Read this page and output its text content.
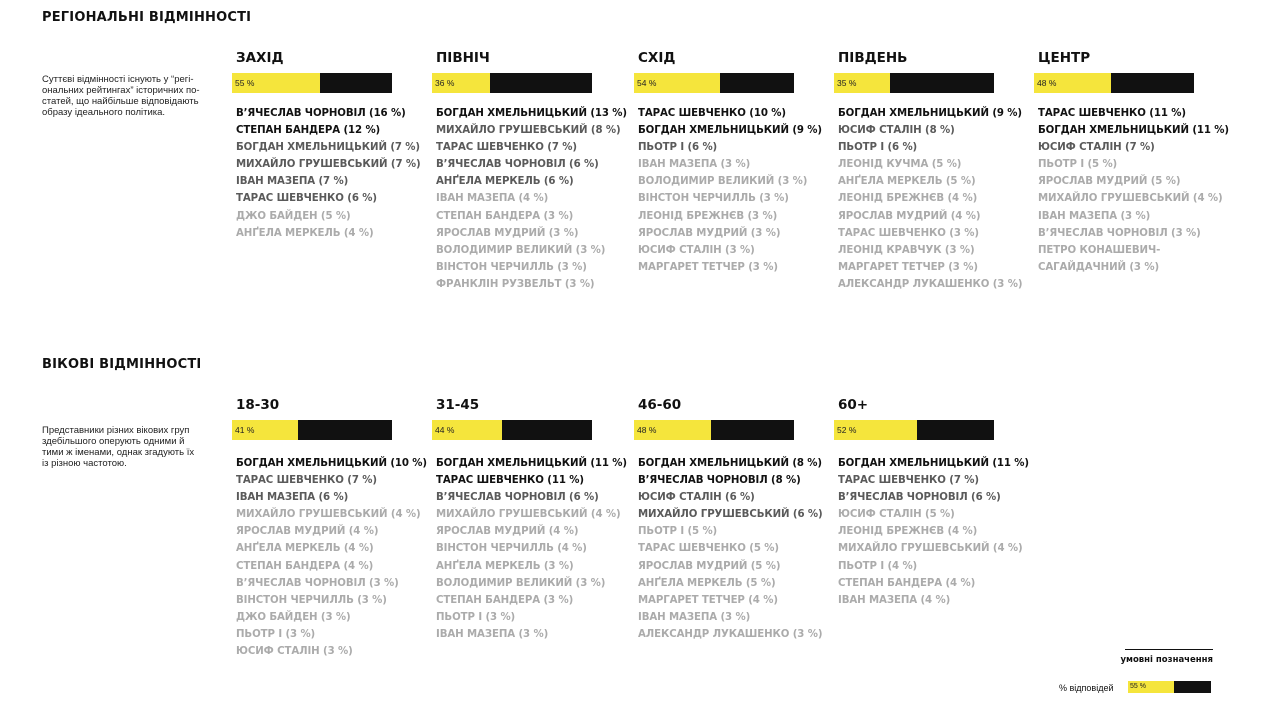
РЕГІОНАЛЬНІ ВІДМІННОСТІ
Суттєві відмінності існують у “регі-
ональних рейтингах” історичних по-
статей, що найбільше відповідають
образу ідеального політика.
ЗАХІД
55 %
В’ЯЧЕСЛАВ ЧОРНОВІЛ (16 %)
СТЕПАН БАНДЕРА (12 %)
БОГДАН ХМЕЛЬНИЦЬКИЙ (7 %)
МИХАЙЛО ГРУШЕВСЬКИЙ (7 %)
ІВАН МАЗЕПА (7 %)
ТАРАС ШЕВЧЕНКО (6 %)
ДЖО БАЙДЕН (5 %)
АНҐЕЛА МЕРКЕЛЬ (4 %)
ПІВНІЧ
36 %
БОГДАН ХМЕЛЬНИЦЬКИЙ (13 %)
МИХАЙЛО ГРУШЕВСЬКИЙ (8 %)
ТАРАС ШЕВЧЕНКО (7 %)
В’ЯЧЕСЛАВ ЧОРНОВІЛ (6 %)
АНҐЕЛА МЕРКЕЛЬ (6 %)
ІВАН МАЗЕПА (4 %)
СТЕПАН БАНДЕРА (3 %)
ЯРОСЛАВ МУДРИЙ (3 %)
ВОЛОДИМИР ВЕЛИКИЙ (3 %)
ВІНСТОН ЧЕРЧИЛЛЬ (3 %)
ФРАНКЛІН РУЗВЕЛЬТ (3 %)
СХІД
54 %
ТАРАС ШЕВЧЕНКО (10 %)
БОГДАН ХМЕЛЬНИЦЬКИЙ (9 %)
ПЬОТР І (6 %)
ІВАН МАЗЕПА (3 %)
ВОЛОДИМИР ВЕЛИКИЙ (3 %)
ВІНСТОН ЧЕРЧИЛЛЬ (3 %)
ЛЕОНІД БРЕЖНЄВ (3 %)
ЯРОСЛАВ МУДРИЙ (3 %)
ЮСИФ СТАЛІН (3 %)
МАРГАРЕТ ТЕТЧЕР (3 %)
ПІВДЕНЬ
35 %
БОГДАН ХМЕЛЬНИЦЬКИЙ (9 %)
ЮСИФ СТАЛІН (8 %)
ПЬОТР І (6 %)
ЛЕОНІД КУЧМА (5 %)
АНҐЕЛА МЕРКЕЛЬ (5 %)
ЛЕОНІД БРЕЖНЄВ (4 %)
ЯРОСЛАВ МУДРИЙ (4 %)
ТАРАС ШЕВЧЕНКО (3 %)
ЛЕОНІД КРАВЧУК (3 %)
МАРГАРЕТ ТЕТЧЕР (3 %)
АЛЕКСАНДР ЛУКАШЕНКО (3 %)
ЦЕНТР
48 %
ТАРАС ШЕВЧЕНКО (11 %)
БОГДАН ХМЕЛЬНИЦЬКИЙ (11 %)
ЮСИФ СТАЛІН (7 %)
ПЬОТР І (5 %)
ЯРОСЛАВ МУДРИЙ (5 %)
МИХАЙЛО ГРУШЕВСЬКИЙ (4 %)
ІВАН МАЗЕПА (3 %)
В’ЯЧЕСЛАВ ЧОРНОВІЛ (3 %)
ПЕТРО КОНАШЕВИЧ-
САГАЙДАЧНИЙ (3 %)
ВІКОВІ ВІДМІННОСТІ
Представники різних вікових груп
здебільшого оперують одними й
тими ж іменами, однак згадують їх
із різною частотою.
18-30
41 %
БОГДАН ХМЕЛЬНИЦЬКИЙ (10 %)
ТАРАС ШЕВЧЕНКО (7 %)
ІВАН МАЗЕПА (6 %)
МИХАЙЛО ГРУШЕВСЬКИЙ (4 %)
ЯРОСЛАВ МУДРИЙ (4 %)
АНҐЕЛА МЕРКЕЛЬ (4 %)
СТЕПАН БАНДЕРА (4 %)
В’ЯЧЕСЛАВ ЧОРНОВІЛ (3 %)
ВІНСТОН ЧЕРЧИЛЛЬ (3 %)
ДЖО БАЙДЕН (3 %)
ПЬОТР І (3 %)
ЮСИФ СТАЛІН (3 %)
31-45
44 %
БОГДАН ХМЕЛЬНИЦЬКИЙ (11 %)
ТАРАС ШЕВЧЕНКО (11 %)
В’ЯЧЕСЛАВ ЧОРНОВІЛ (6 %)
МИХАЙЛО ГРУШЕВСЬКИЙ (4 %)
ЯРОСЛАВ МУДРИЙ (4 %)
ВІНСТОН ЧЕРЧИЛЛЬ (4 %)
АНҐЕЛА МЕРКЕЛЬ (3 %)
ВОЛОДИМИР ВЕЛИКИЙ (3 %)
СТЕПАН БАНДЕРА (3 %)
ПЬОТР І (3 %)
ІВАН МАЗЕПА (3 %)
46-60
48 %
БОГДАН ХМЕЛЬНИЦЬКИЙ (8 %)
В’ЯЧЕСЛАВ ЧОРНОВІЛ (8 %)
ЮСИФ СТАЛІН (6 %)
МИХАЙЛО ГРУШЕВСЬКИЙ (6 %)
ПЬОТР І (5 %)
ТАРАС ШЕВЧЕНКО (5 %)
ЯРОСЛАВ МУДРИЙ (5 %)
АНҐЕЛА МЕРКЕЛЬ (5 %)
МАРГАРЕТ ТЕТЧЕР (4 %)
ІВАН МАЗЕПА (3 %)
АЛЕКСАНДР ЛУКАШЕНКО (3 %)
60+
52 %
БОГДАН ХМЕЛЬНИЦЬКИЙ (11 %)
ТАРАС ШЕВЧЕНКО (7 %)
В’ЯЧЕСЛАВ ЧОРНОВІЛ (6 %)
ЮСИФ СТАЛІН (5 %)
ЛЕОНІД БРЕЖНЄВ (4 %)
МИХАЙЛО ГРУШЕВСЬКИЙ (4 %)
ПЬОТР І (4 %)
СТЕПАН БАНДЕРА (4 %)
ІВАН МАЗЕПА (4 %)
умовні позначення
% відповідей 55 %
